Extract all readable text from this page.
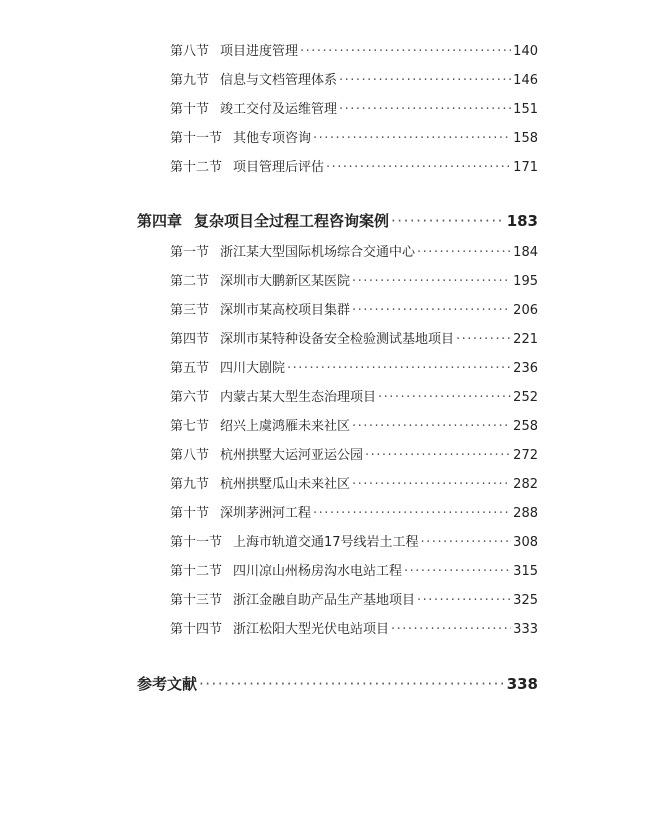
第八节 项目进度管理 ·····	140
第九节 信息与文档管理体系 ·····	146
第十节 竣工交付及运维管理 ·····	151
第十一节 其他专项咨询 ·····	158
第十二节 项目管理后评估 ·····	171
第四章 复杂项目全过程工程咨询案例 ·····	183
第一节 浙江某大型国际机场综合交通中心 ·····	184
第二节 深圳市大鹏新区某医院 ·····	195
第三节 深圳市某高校项目集群 ·····	206
第四节 深圳市某特种设备安全检验测试基地项目 ·····	221
第五节 四川大剧院 ·····	236
第六节 内蒙古某大型生态治理项目 ·····	252
第七节 绍兴上虞鸿雁未来社区 ·····	258
第八节 杭州拱墅大运河亚运公园 ·····	272
第九节 杭州拱墅瓜山未来社区 ·····	282
第十节 深圳茅洲河工程 ·····	288
第十一节 上海市轨道交通17号线岩土工程 ·····	308
第十二节 四川凉山州杨房沟水电站工程 ·····	315
第十三节 浙江金融自助产品生产基地项目 ·····	325
第十四节 浙江松阳大型光伏电站项目 ·····	333
参考文献 ·····	338
